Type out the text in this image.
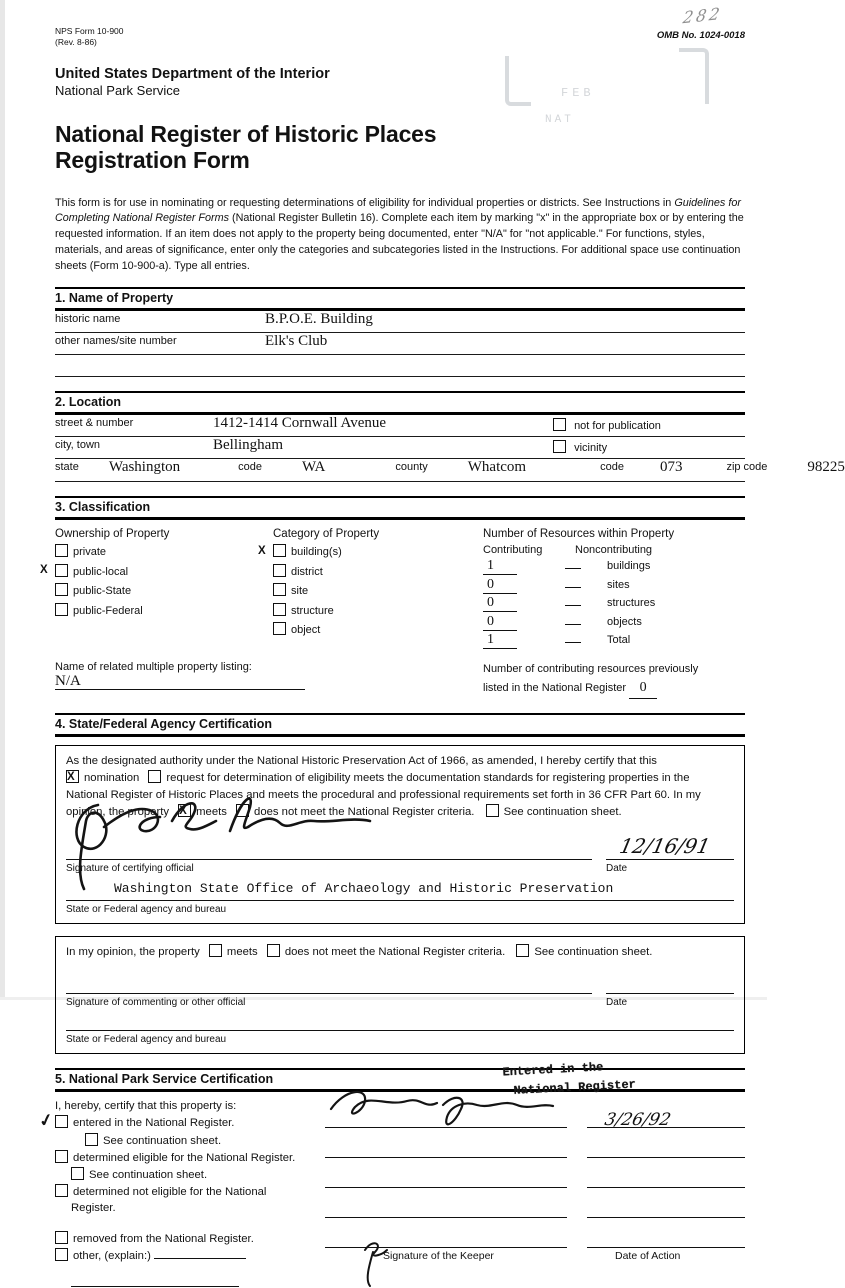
FEB
NAT
NPS Form 10-900
(Rev. 8-86)
OMB No. 1024-0018
282
United States Department of the Interior
National Park Service
National Register of Historic Places
Registration Form

This form is for use in nominating or requesting determinations of eligibility for individual properties or districts. See Instructions in Guidelines for Completing National Register Forms (National Register Bulletin 16). Complete each item by marking "x" in the appropriate box or by entering the requested information. If an item does not apply to the property being documented, enter "N/A" for "not applicable." For functions, styles, materials, and areas of significance, enter only the categories and subcategories listed in the Instructions. For additional space use continuation sheets (Form 10-900-a). Type all entries.

1. Name of Property
historic name	B.P.O.E. Building
other names/site number	Elk's Club
2. Location
street & number	1412-1414 Cornwall Avenue	not for publication
city, town	Bellingham	vicinity
state Washington	code	WA	county	Whatcom	code 073	zip code	98225
3. Classification
Ownership of Property
private
Xpublic-local
public-State
public-Federal
Category of Property
Xbuilding(s)
district
site
structure
object
Number of Resources within Property
Contributing	Noncontributing
1	buildings
0	sites
0	structures
0	objects
1	Total
Name of related multiple property listing:
N/A
Number of contributing resources previously
listed in the National Register 0
4. State/Federal Agency Certification

As the designated authority under the National Historic Preservation Act of 1966, as amended, I hereby certify that this
Xnomination request for determination of eligibility meets the documentation standards for registering properties in the National Register of Historic Places and meets the procedural and professional requirements set forth in 36 CFR Part 60. In my opinion, the property X meets does not meet the National Register criteria.	See continuation sheet.

Signature of certifying official
12/16/91
Date
Washington State Office of Archaeology and Historic Preservation
State or Federal agency and bureau

In my opinion, the property meets does not meet the National Register criteria.	See continuation sheet.

Signature of commenting or other official	Date
State or Federal agency and bureau
Entered in the
National Register
5. National Park Service Certification
I, hereby, certify that this property is:
✓entered in the National Register.
See continuation sheet.
determined eligible for the National Register. See continuation sheet.
determined not eligible for the National Register.
removed from the National Register.
other, (explain:)	Signature of the Keeper
3/26/92
Date of Action
